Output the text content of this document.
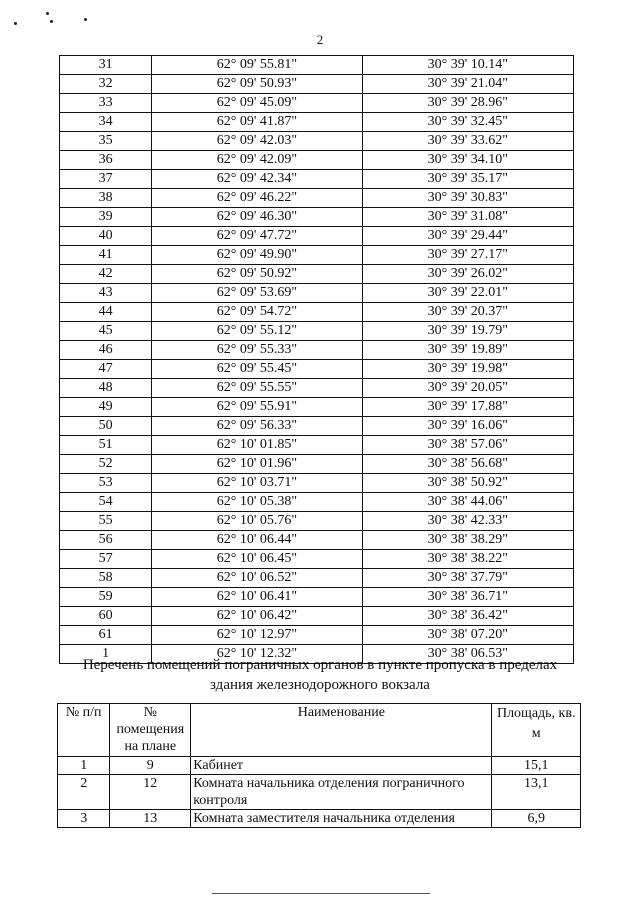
2
31	62° 09' 55.81"	30° 39' 10.14"
32	62° 09' 50.93"	30° 39' 21.04"
33	62° 09' 45.09"	30° 39' 28.96"
34	62° 09' 41.87"	30° 39' 32.45"
35	62° 09' 42.03"	30° 39' 33.62"
36	62° 09' 42.09"	30° 39' 34.10"
37	62° 09' 42.34"	30° 39' 35.17"
38	62° 09' 46.22"	30° 39' 30.83"
39	62° 09' 46.30"	30° 39' 31.08"
40	62° 09' 47.72"	30° 39' 29.44"
41	62° 09' 49.90"	30° 39' 27.17"
42	62° 09' 50.92"	30° 39' 26.02"
43	62° 09' 53.69"	30° 39' 22.01"
44	62° 09' 54.72"	30° 39' 20.37"
45	62° 09' 55.12"	30° 39' 19.79"
46	62° 09' 55.33"	30° 39' 19.89"
47	62° 09' 55.45"	30° 39' 19.98"
48	62° 09' 55.55"	30° 39' 20.05"
49	62° 09' 55.91"	30° 39' 17.88"
50	62° 09' 56.33"	30° 39' 16.06"
51	62° 10' 01.85"	30° 38' 57.06"
52	62° 10' 01.96"	30° 38' 56.68"
53	62° 10' 03.71"	30° 38' 50.92"
54	62° 10' 05.38"	30° 38' 44.06"
55	62° 10' 05.76"	30° 38' 42.33"
56	62° 10' 06.44"	30° 38' 38.29"
57	62° 10' 06.45"	30° 38' 38.22"
58	62° 10' 06.52"	30° 38' 37.79"
59	62° 10' 06.41"	30° 38' 36.71"
60	62° 10' 06.42"	30° 38' 36.42"
61	62° 10' 12.97"	30° 38' 07.20"
1	62° 10' 12.32"	30° 38' 06.53"
Перечень помещений пограничных органов в пункте пропуска в пределах
здания железнодорожного вокзала
№ п/п	№ помещения на плане	Наименование	Площадь, кв. м
1	9	Кабинет	15,1
2	12	Комната начальника отделения пограничного контроля	13,1
3	13	Комната заместителя начальника отделения	6,9
